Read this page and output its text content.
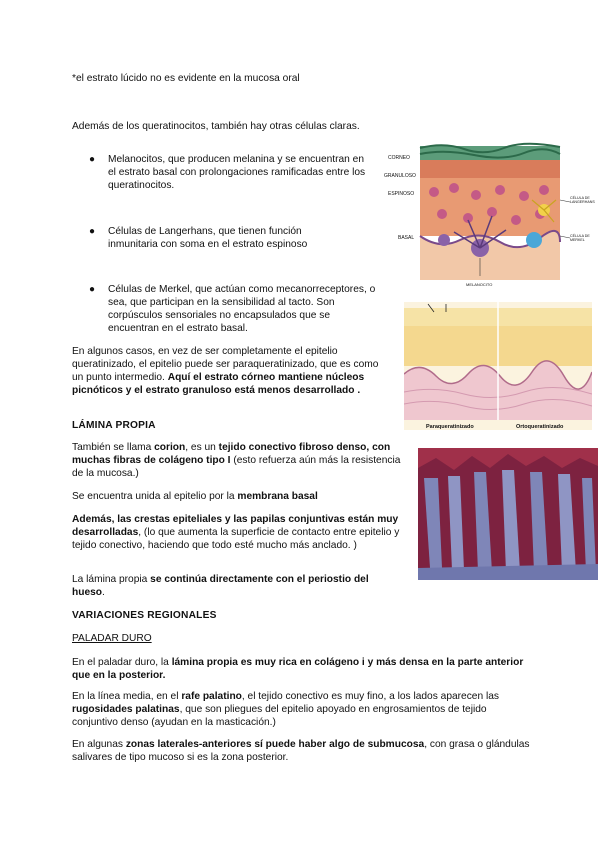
*el estrato lúcido no es evidente en la mucosa oral

Además de los queratinocitos, también hay otras células claras.

● Melanocitos, que producen melanina y se encuentran en el estrato basal con prolongaciones ramificadas entre los queratinocitos.

● Células de Langerhans, que tienen función inmunitaria con soma en el estrato espinoso

● Células de Merkel, que actúan como mecanorreceptores, o sea, que participan en la sensibilidad al tacto. Son corpúsculos sensoriales no encapsulados que se encuentran en el estrato basal.

En algunos casos, en vez de ser completamente el epitelio queratinizado, el epitelio puede ser paraqueratinizado, que es como un punto intermedio. Aquí el estrato córneo mantiene núcleos picnóticos y el estrato granuloso está menos desarrollado .

LÁMINA PROPIA

También se llama corion, es un tejido conectivo fibroso denso, con muchas fibras de colágeno tipo I (esto refuerza aún más la resistencia de la mucosa.)

Se encuentra unida al epitelio por la membrana basal

Además, las crestas epiteliales y las papilas conjuntivas están muy desarrolladas, (lo que aumenta la superficie de contacto entre epitelio y tejido conectivo, haciendo que todo esté mucho más anclado. )

La lámina propia se continúa directamente con el periostio del hueso.

VARIACIONES REGIONALES

PALADAR DURO

En el paladar duro, la lámina propia es muy rica en colágeno i y más densa en la parte anterior que en la posterior.

En la línea media, en el rafe palatino, el tejido conectivo es muy fino, a los lados aparecen las rugosidades palatinas, que son pliegues del epitelio apoyado en engrosamientos de tejido conjuntivo denso (ayudan en la masticación.)

En algunas zonas laterales-anteriores sí puede haber algo de submucosa, con grasa o glándulas salivares de tipo mucoso si es la zona posterior.

CORNEO
GRANULOSO
ESPINOSO
BASAL
CÉLULA DE LANGERHANS
CÉLULA DE MERKEL
MELANOCITO
Paraqueratinizado	Ortoqueratinizado
